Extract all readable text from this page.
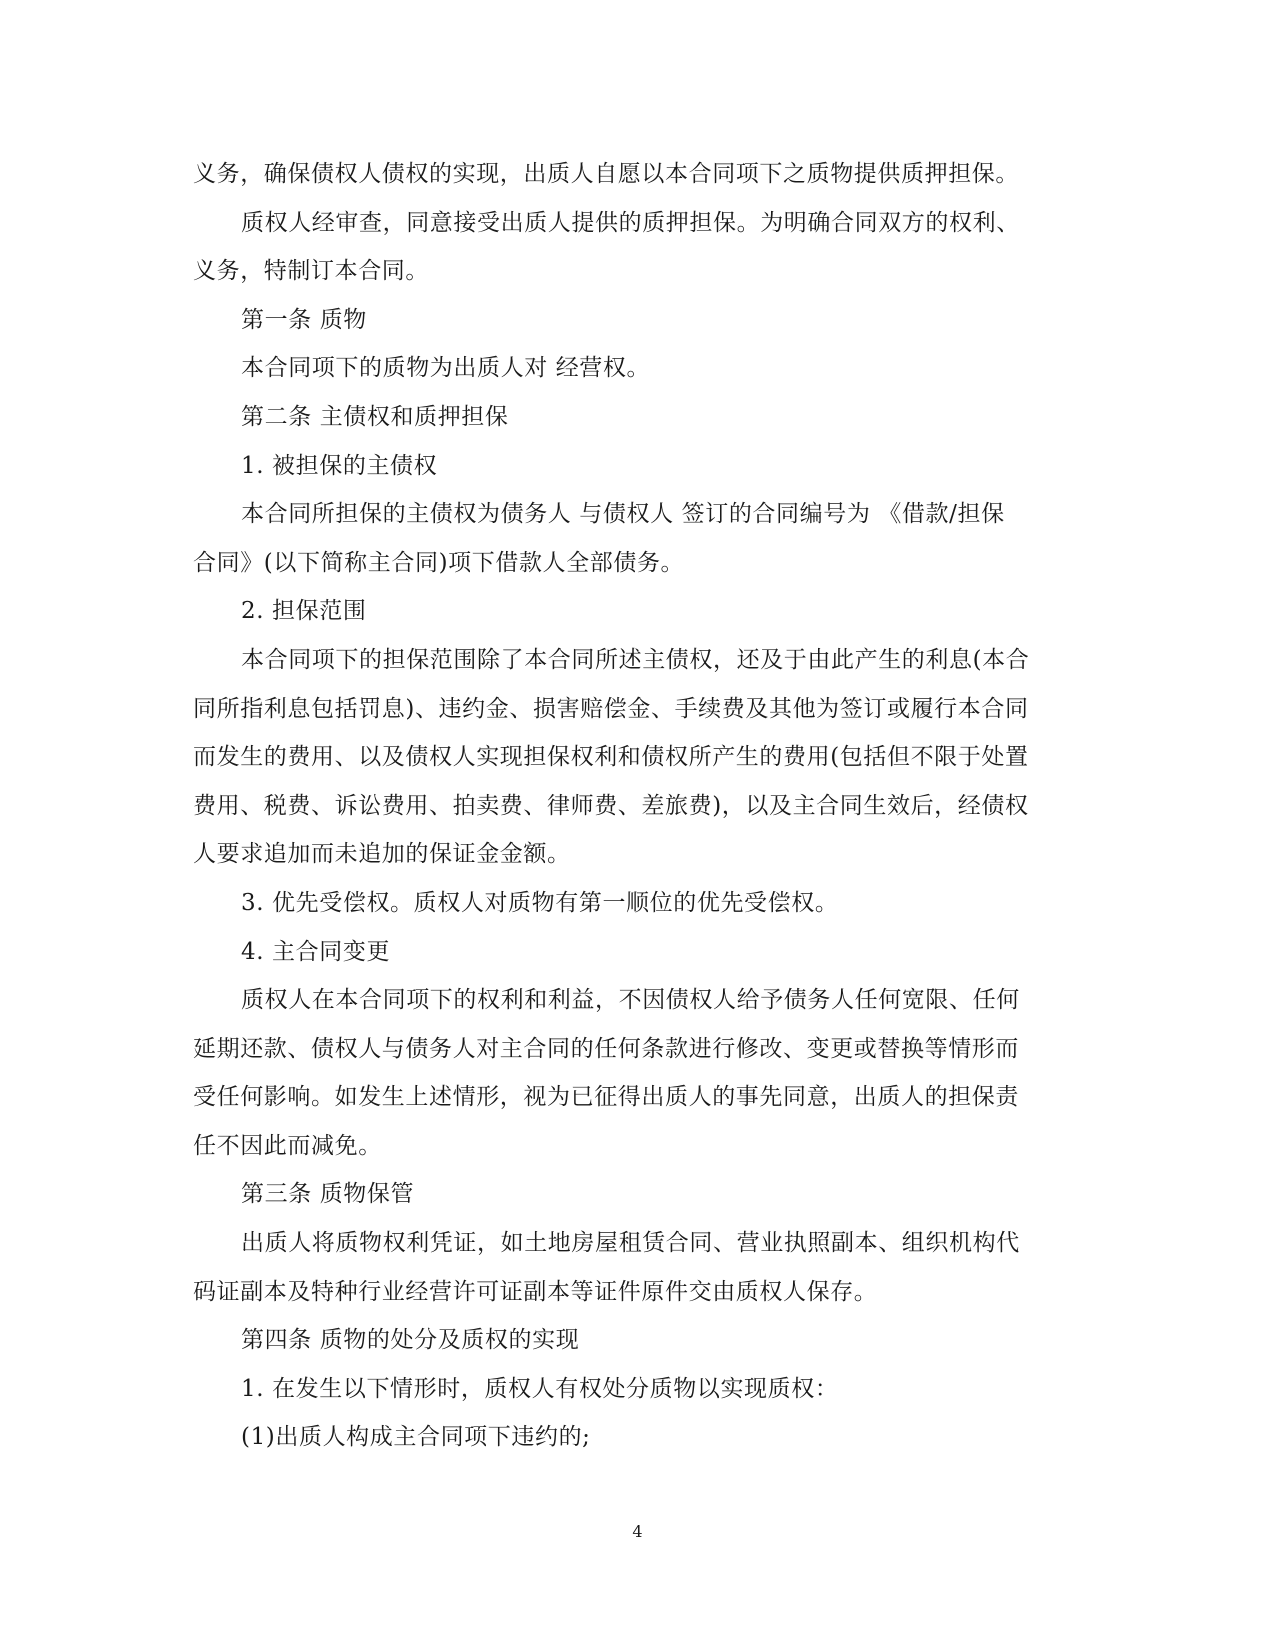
义务，确保债权人债权的实现，出质人自愿以本合同项下之质物提供质押担保。
质权人经审查，同意接受出质人提供的质押担保。为明确合同双方的权利、
义务，特制订本合同。
第一条 质物
本合同项下的质物为出质人对 经营权。
第二条 主债权和质押担保
1. 被担保的主债权
本合同所担保的主债权为债务人 与债权人 签订的合同编号为 《借款/担保
合同》(以下简称主合同)项下借款人全部债务。
2. 担保范围
本合同项下的担保范围除了本合同所述主债权，还及于由此产生的利息(本合
同所指利息包括罚息)、违约金、损害赔偿金、手续费及其他为签订或履行本合同
而发生的费用、以及债权人实现担保权利和债权所产生的费用(包括但不限于处置
费用、税费、诉讼费用、拍卖费、律师费、差旅费)，以及主合同生效后，经债权
人要求追加而未追加的保证金金额。
3. 优先受偿权。质权人对质物有第一顺位的优先受偿权。
4. 主合同变更
质权人在本合同项下的权利和利益，不因债权人给予债务人任何宽限、任何
延期还款、债权人与债务人对主合同的任何条款进行修改、变更或替换等情形而
受任何影响。如发生上述情形，视为已征得出质人的事先同意，出质人的担保责
任不因此而减免。
第三条 质物保管
出质人将质物权利凭证，如土地房屋租赁合同、营业执照副本、组织机构代
码证副本及特种行业经营许可证副本等证件原件交由质权人保存。
第四条 质物的处分及质权的实现
1. 在发生以下情形时，质权人有权处分质物以实现质权：
(1)出质人构成主合同项下违约的;
4
